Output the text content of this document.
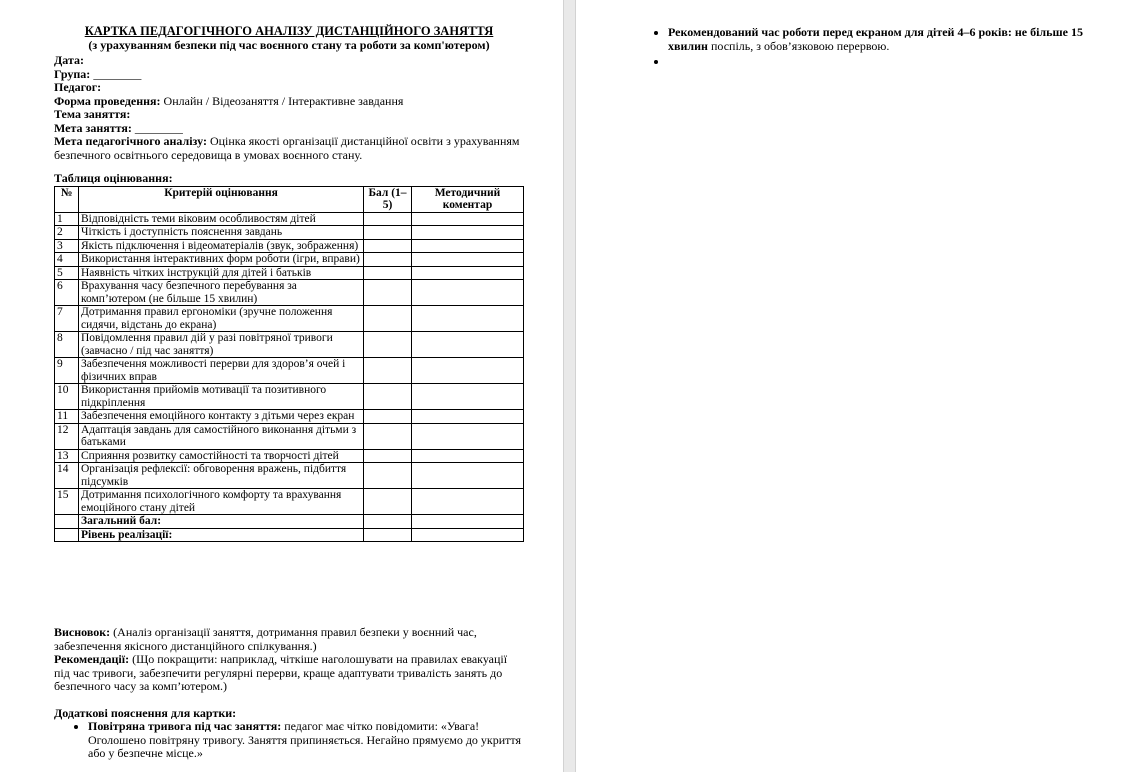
КАРТКА ПЕДАГОГІЧНОГО АНАЛІЗУ ДИСТАНЦІЙНОГО ЗАНЯТТЯ
(з урахуванням безпеки під час воєнного стану та роботи за комп'ютером)
Дата:
Група: ________
Педагог:
Форма проведення: Онлайн / Відеозаняття / Інтерактивне завдання
Тема заняття:
Мета заняття: ________
Мета педагогічного аналізу: Оцінка якості організації дистанційної освіти з урахуванням безпечного освітнього середовища в умовах воєнного стану.
Таблиця оцінювання:
№	Критерій оцінювання	Бал (1–5)	Методичний коментар
1	Відповідність теми віковим особливостям дітей		
2	Чіткість і доступність пояснення завдань		
3	Якість підключення і відеоматеріалів (звук, зображення)		
4	Використання інтерактивних форм роботи (ігри, вправи)		
5	Наявність чітких інструкцій для дітей і батьків		
6	Врахування часу безпечного перебування за комп’ютером (не більше 15 хвилин)		
7	Дотримання правил ергономіки (зручне положення сидячи, відстань до екрана)		
8	Повідомлення правил дій у разі повітряної тривоги (завчасно / під час заняття)		
9	Забезпечення можливості перерви для здоров’я очей і фізичних вправ		
10	Використання прийомів мотивації та позитивного підкріплення		
11	Забезпечення емоційного контакту з дітьми через екран		
12	Адаптація завдань для самостійного виконання дітьми з батьками		
13	Сприяння розвитку самостійності та творчості дітей		
14	Організація рефлексії: обговорення вражень, підбиття підсумків		
15	Дотримання психологічного комфорту та врахування емоційного стану дітей		
	Загальний бал:		
	Рівень реалізації:		
Висновок: (Аналіз організації заняття, дотримання правил безпеки у воєнний час, забезпечення якісного дистанційного спілкування.)
Рекомендації: (Що покращити: наприклад, чіткіше наголошувати на правилах евакуації під час тривоги, забезпечити регулярні перерви, краще адаптувати тривалість занять до безпечного часу за комп’ютером.)
Додаткові пояснення для картки:
• Повітряна тривога під час заняття: педагог має чітко повідомити: «Увага! Оголошено повітряну тривогу. Заняття припиняється. Негайно прямуємо до укриття або у безпечне місце.»
• Рекомендований час роботи перед екраном для дітей 4–6 років: не більше 15 хвилин поспіль, з обов’язковою перервою.
•
